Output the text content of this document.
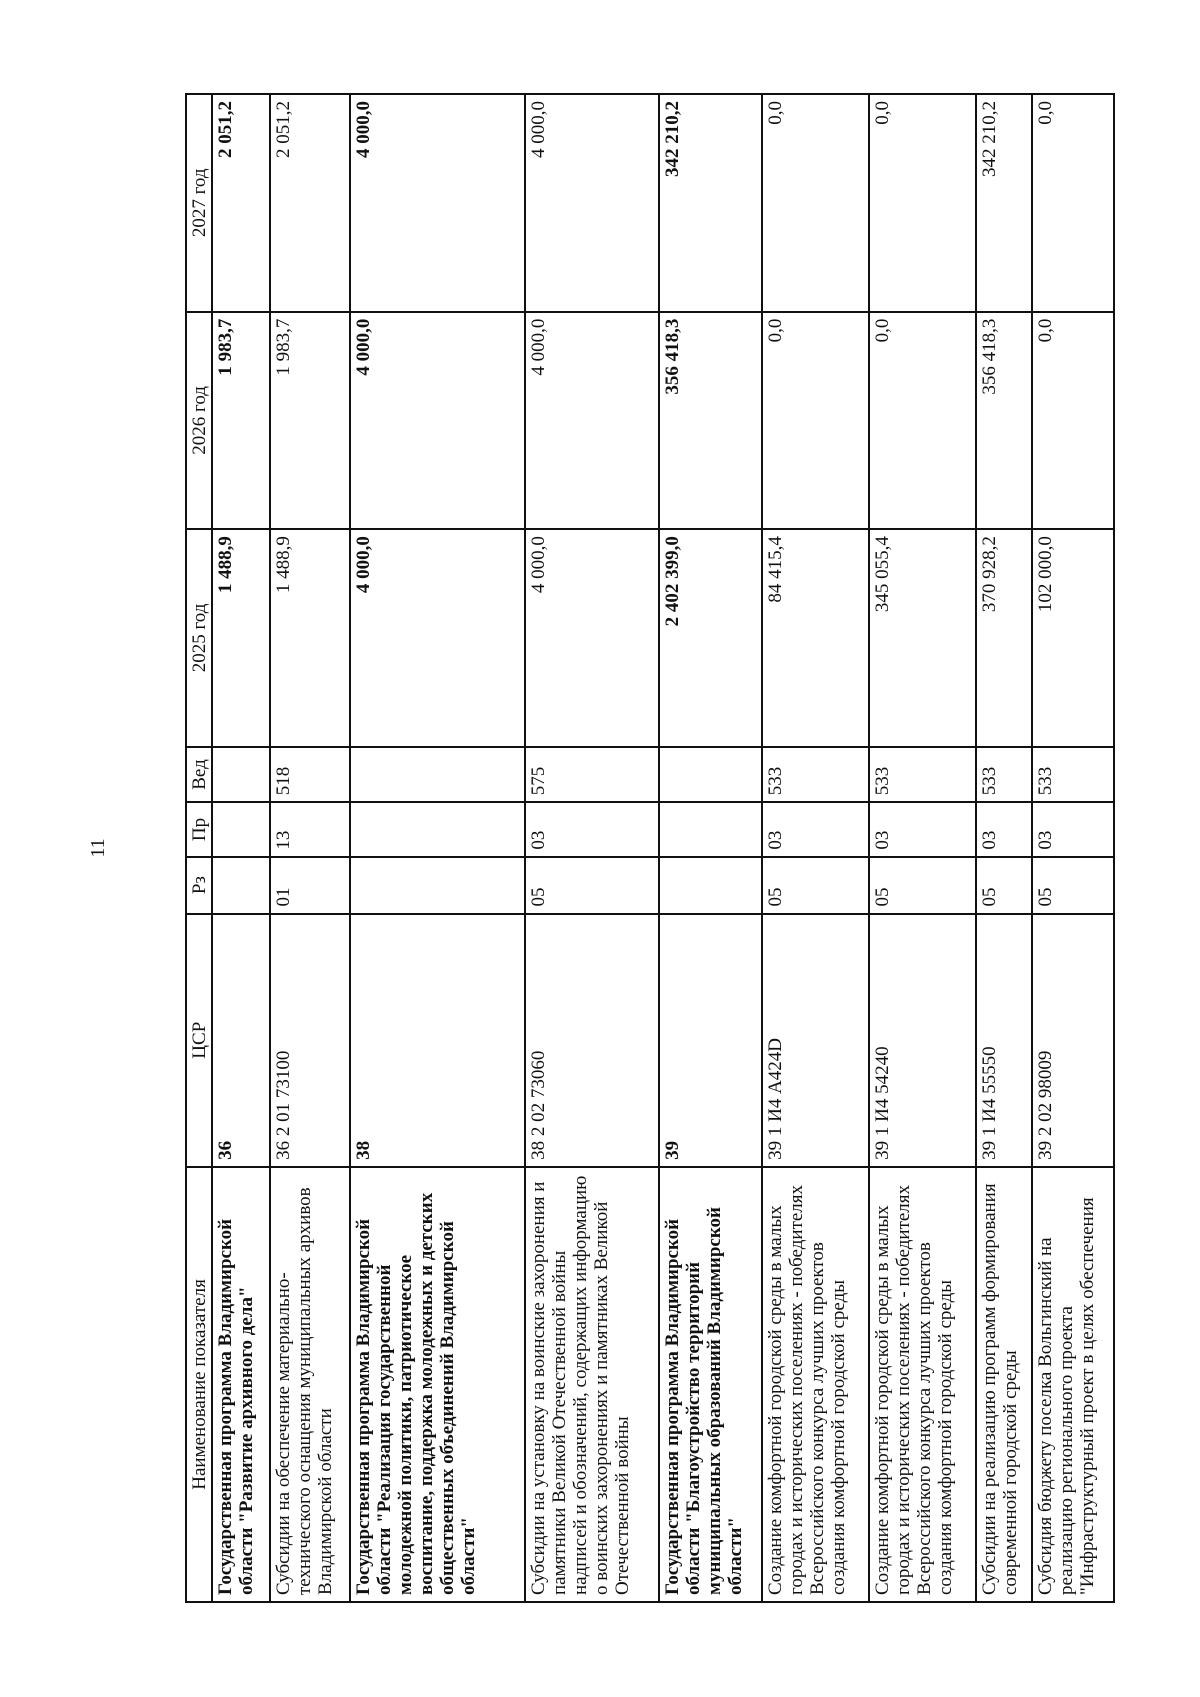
11
Наименование показателя	ЦСР	Рз	Пр	Вед	2025 год	2026 год	2027 год
Государственная программа Владимирской области "Развитие архивного дела"	36				1 488,9	1 983,7	2 051,2
Субсидии на обеспечение материально-технического оснащения муниципальных архивов Владимирской области	36 2 01 73100	01	13	518	1 488,9	1 983,7	2 051,2
Государственная программа Владимирской области "Реализация государственной молодежной политики, патриотическое воспитание, поддержка молодежных и детских общественных объединений Владимирской области"	38				4 000,0	4 000,0	4 000,0
Субсидии на установку на воинские захоронения и памятники Великой Отечественной войны надписей и обозначений, содержащих информацию о воинских захоронениях и памятниках Великой Отечественной войны	38 2 02 73060	05	03	575	4 000,0	4 000,0	4 000,0
Государственная программа Владимирской области "Благоустройство территорий муниципальных образований Владимирской области"	39				2 402 399,0	356 418,3	342 210,2
Создание комфортной городской среды в малых городах и исторических поселениях - победителях Всероссийского конкурса лучших проектов создания комфортной городской среды	39 1 И4 А424D	05	03	533	84 415,4	0,0	0,0
Создание комфортной городской среды в малых городах и исторических поселениях - победителях Всероссийского конкурса лучших проектов создания комфортной городской среды	39 1 И4 54240	05	03	533	345 055,4	0,0	0,0
Субсидии на реализацию программ формирования современной городской среды	39 1 И4 55550	05	03	533	370 928,2	356 418,3	342 210,2
Субсидия бюджету поселка Вольгинский на реализацию регионального проекта "Инфраструктурный проект в целях обеспечения	39 2 02 98009	05	03	533	102 000,0	0,0	0,0
